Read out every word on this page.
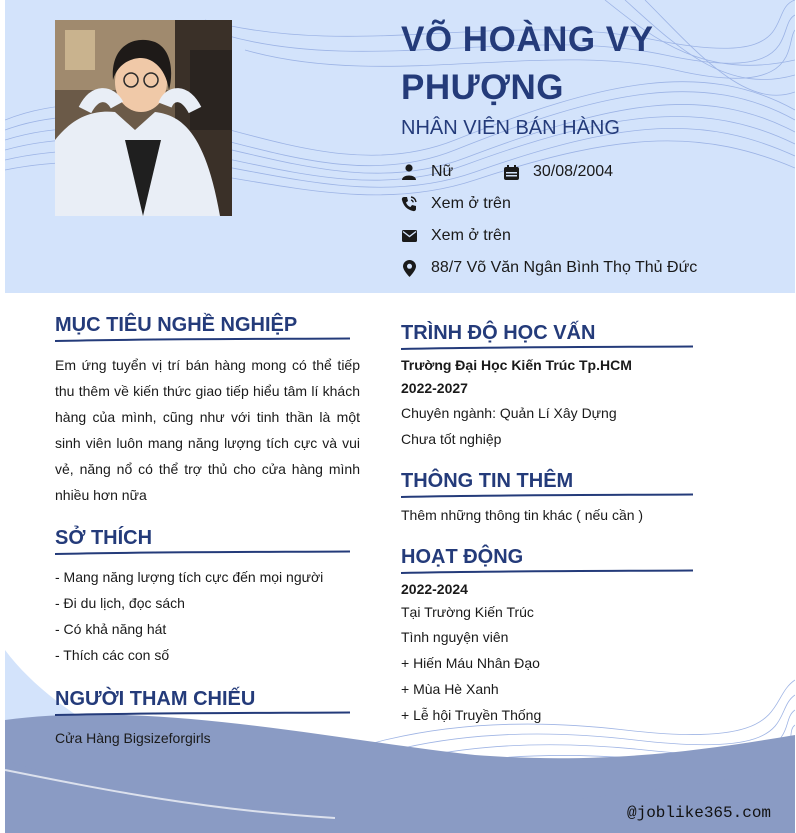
VÕ HOÀNG VY
PHƯỢNG
NHÂN VIÊN BÁN HÀNG
Nữ	30/08/2004
Xem ở trên
Xem ở trên
88/7 Võ Văn Ngân Bình Thọ Thủ Đức
MỤC TIÊU NGHỀ NGHIỆP
Em ứng tuyển vị trí bán hàng mong có thể tiếp thu thêm về kiến thức giao tiếp hiểu tâm lí khách hàng của mình, cũng như với tinh thần là một sinh viên luôn mang năng lượng tích cực và vui vẻ, năng nổ có thể trợ thủ cho cửa hàng mình nhiều hơn nữa
SỞ THÍCH
- Mang năng lượng tích cực đến mọi người
- Đi du lịch, đọc sách
- Có khả năng hát
- Thích các con số
NGƯỜI THAM CHIẾU
Cửa Hàng Bigsizeforgirls
TRÌNH ĐỘ HỌC VẤN
Trường Đại Học Kiến Trúc Tp.HCM
2022-2027
Chuyên ngành: Quản Lí Xây Dựng
Chưa tốt nghiệp
THÔNG TIN THÊM
Thêm những thông tin khác ( nếu cần )
HOẠT ĐỘNG
2022-2024
Tại Trường Kiến Trúc
Tình nguyện viên
+ Hiến Máu Nhân Đạo
+ Mùa Hè Xanh
+ Lễ hội Truyền Thống
@joblike365.com
